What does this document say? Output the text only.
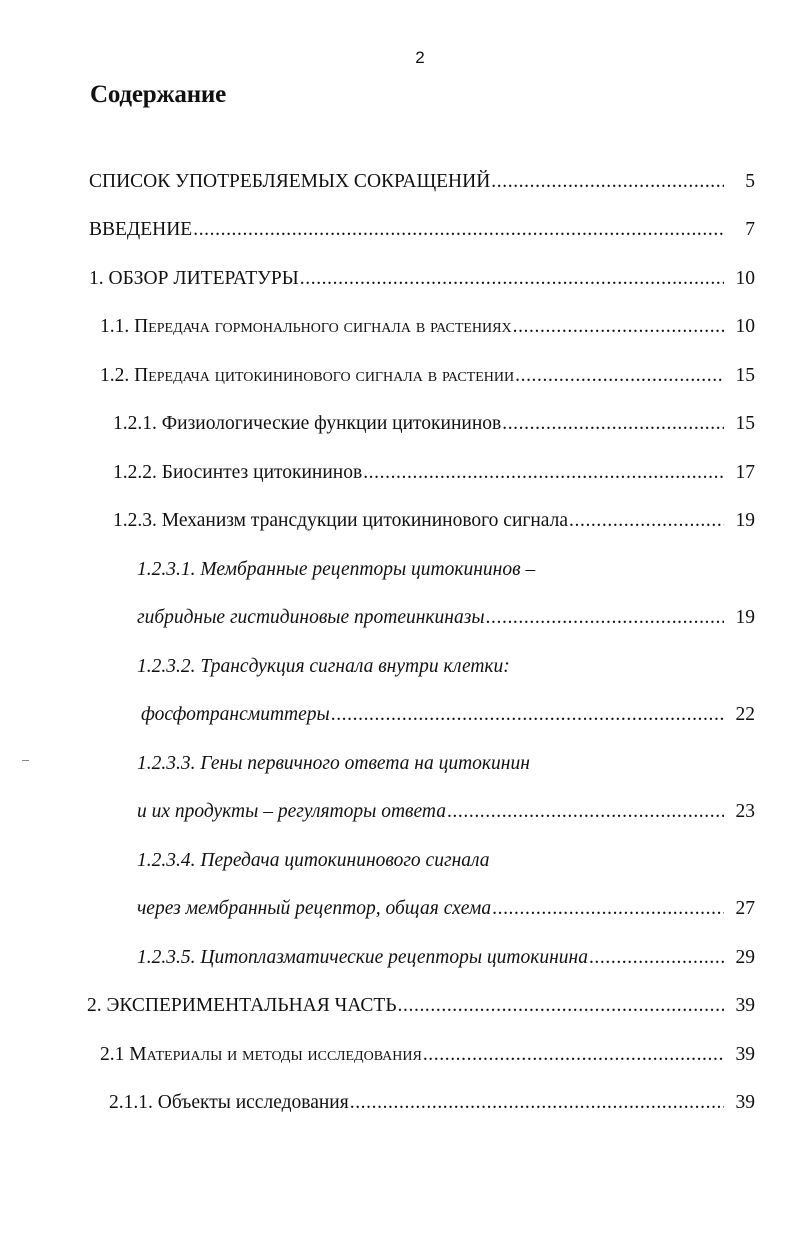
2
Содержание
СПИСОК УПОТРЕБЛЯЕМЫХ СОКРАЩЕНИЙ .....	5
ВВЕДЕНИЕ .....	7
1. ОБЗОР ЛИТЕРАТУРЫ .....	10
1.1. Передача гормонального сигнала в растениях .....	10
1.2. Передача цитокининового сигнала в растении .....	15
1.2.1. Физиологические функции цитокининов .....	15
1.2.2. Биосинтез цитокининов .....	17
1.2.3. Механизм трансдукции цитокининового сигнала .....	19
1.2.3.1. Мембранные рецепторы цитокининов –
гибридные гистидиновые протеинкиназы .....	19
1.2.3.2. Трансдукция сигнала внутри клетки:
фосфотрансмиттеры .....	22
1.2.3.3. Гены первичного ответа на цитокинин
и их продукты – регуляторы ответа .....	23
1.2.3.4. Передача цитокининового сигнала
через мембранный рецептор, общая схема .....	27
1.2.3.5. Цитоплазматические рецепторы цитокинина .....	29
2. ЭКСПЕРИМЕНТАЛЬНАЯ ЧАСТЬ .....	39
2.1 Материалы и методы исследования .....	39
2.1.1. Объекты исследования .....	39
